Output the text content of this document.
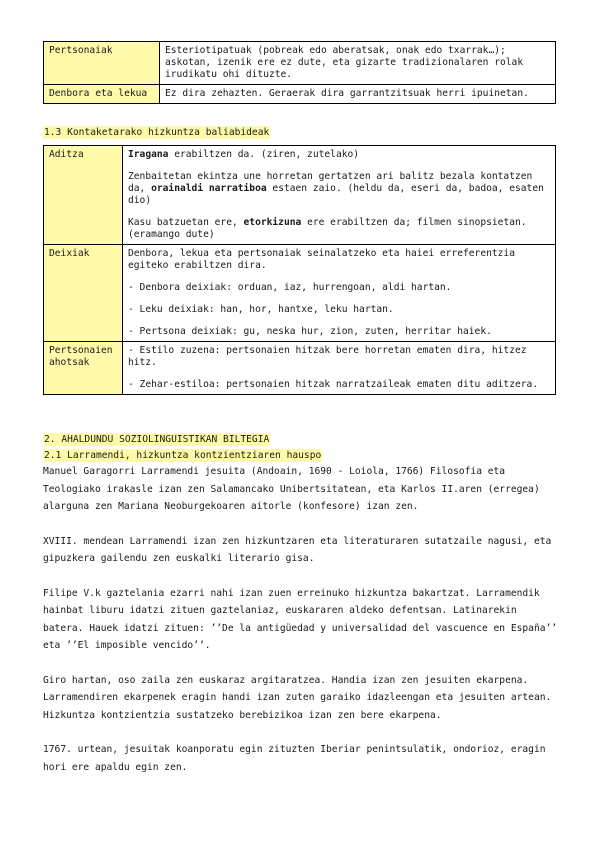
Pertsonaiak	Esteriotipatuak (pobreak edo aberatsak, onak edo txarrak…); askotan, izenik ere ez dute, eta gizarte tradizionalaren rolak irudikatu ohi dituzte.
Denbora eta lekua	Ez dira zehazten. Geraerak dira garrantzitsuak herri ipuinetan.
1.3 Kontaketarako hizkuntza baliabideak
Aditza	Iragana erabiltzen da. (ziren, zutelako)

Zenbaitetan ekintza une horretan gertatzen ari balitz bezala kontatzen da, orainaldi narratiboa estaen zaio. (heldu da, eseri da, badoa, esaten dio)

Kasu batzuetan ere, etorkizuna ere erabiltzen da; filmen sinopsietan. (eramango dute)

Deixiak	Denbora, lekua eta pertsonaiak seinalatzeko eta haiei erreferentzia egiteko erabiltzen dira.

- Denbora deixiak: orduan, iaz, hurrengoan, aldi hartan.

- Leku deixiak: han, hor, hantxe, leku hartan.

- Pertsona deixiak: gu, neska hur, zion, zuten, herritar haiek.

Pertsonaien ahotsak	- Estilo zuzena: pertsonaien hitzak bere horretan ematen dira, hitzez hitz.

- Zehar-estiloa: pertsonaien hitzak narratzaileak ematen ditu aditzera.

2. AHALDUNDU SOZIOLINGUISTIKAN BILTEGIA
2.1 Larramendi, hizkuntza kontzientziaren hauspo

Manuel Garagorri Larramendi jesuita (Andoain, 1690 - Loiola, 1766) Filosofia eta Teologiako irakasle izan zen Salamancako Unibertsitatean, eta Karlos II.aren (erregea) alarguna zen Mariana Neoburgekoaren aitorle (konfesore) izan zen.

XVIII. mendean Larramendi izan zen hizkuntzaren eta literaturaren sutatzaile nagusi, eta gipuzkera gailendu zen euskalki literario gisa.

Filipe V.k gaztelania ezarri nahi izan zuen erreinuko hizkuntza bakartzat. Larramendik hainbat liburu idatzi zituen gaztelaniaz, euskararen aldeko defentsan. Latinarekin batera. Hauek idatzi zituen: ’’De la antigüedad y universalidad del vascuence en España’’ eta ’’El imposible vencido’’.

Giro hartan, oso zaila zen euskaraz argitaratzea. Handia izan zen jesuiten ekarpena. Larramendiren ekarpenek eragin handi izan zuten garaiko idazleengan eta jesuiten artean. Hizkuntza kontzientzia sustatzeko berebizikoa izan zen bere ekarpena.

1767. urtean, jesuitak koanporatu egin zituzten Iberiar penintsulatik, ondorioz, eragin hori ere apaldu egin zen.
